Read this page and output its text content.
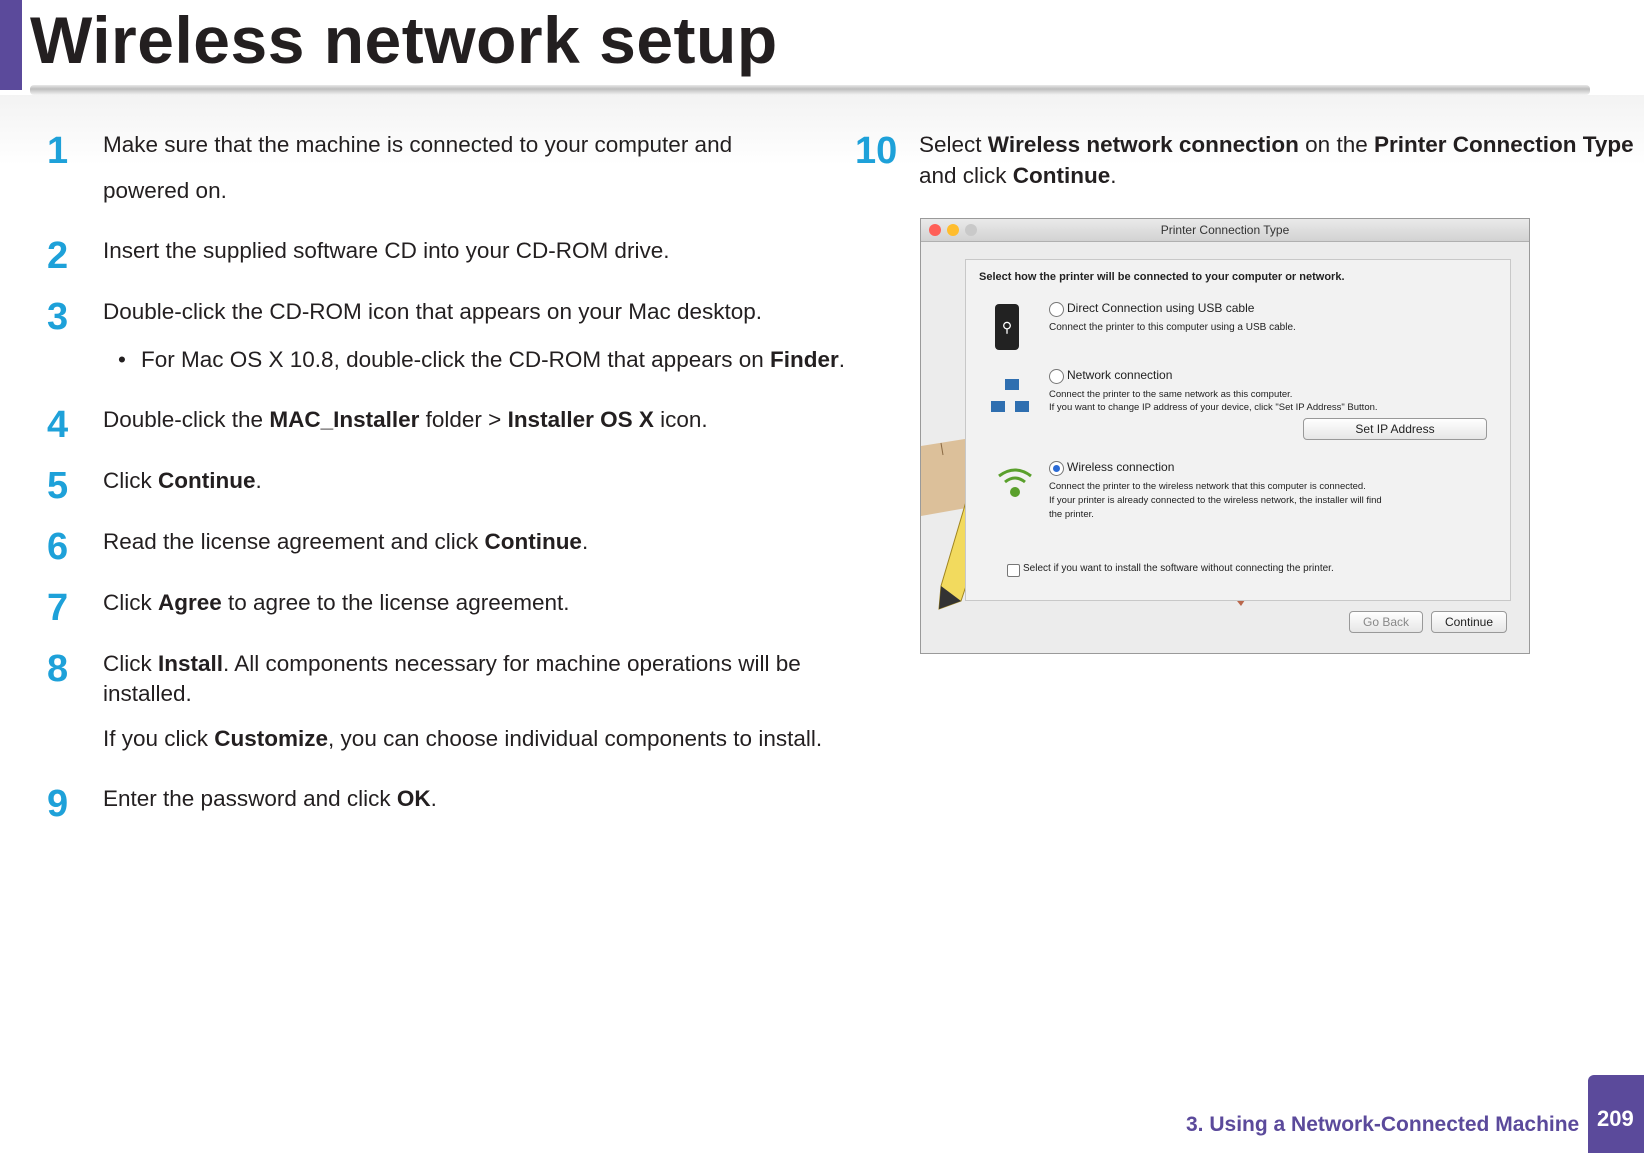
Wireless network setup
1 Make sure that the machine is connected to your computer and
powered on.
2 Insert the supplied software CD into your CD-ROM drive.
3 Double-click the CD-ROM icon that appears on your Mac desktop.
• For Mac OS X 10.8, double-click the CD-ROM that appears on Finder.
4 Double-click the MAC_Installer folder > Installer OS X icon.
5 Click Continue.
6 Read the license agreement and click Continue.
7 Click Agree to agree to the license agreement.
8 Click Install. All components necessary for machine operations will be
installed.
If you click Customize, you can choose individual components to install.
9 Enter the password and click OK.
10 Select Wireless network connection on the Printer Connection Type
and click Continue.
Printer Connection Type
Select how the printer will be connected to your computer or network.
⚲
Direct Connection using USB cable
Connect the printer to this computer using a USB cable.
Network connection
Connect the printer to the same network as this computer.
If you want to change IP address of your device, click "Set IP Address" Button.
Set IP Address
Wireless connection
Connect the printer to the wireless network that this computer is connected.
If your printer is already connected to the wireless network, the installer will find
the printer.
Select if you want to install the software without connecting the printer.
Go Back	Continue
3. Using a Network-Connected Machine 209
